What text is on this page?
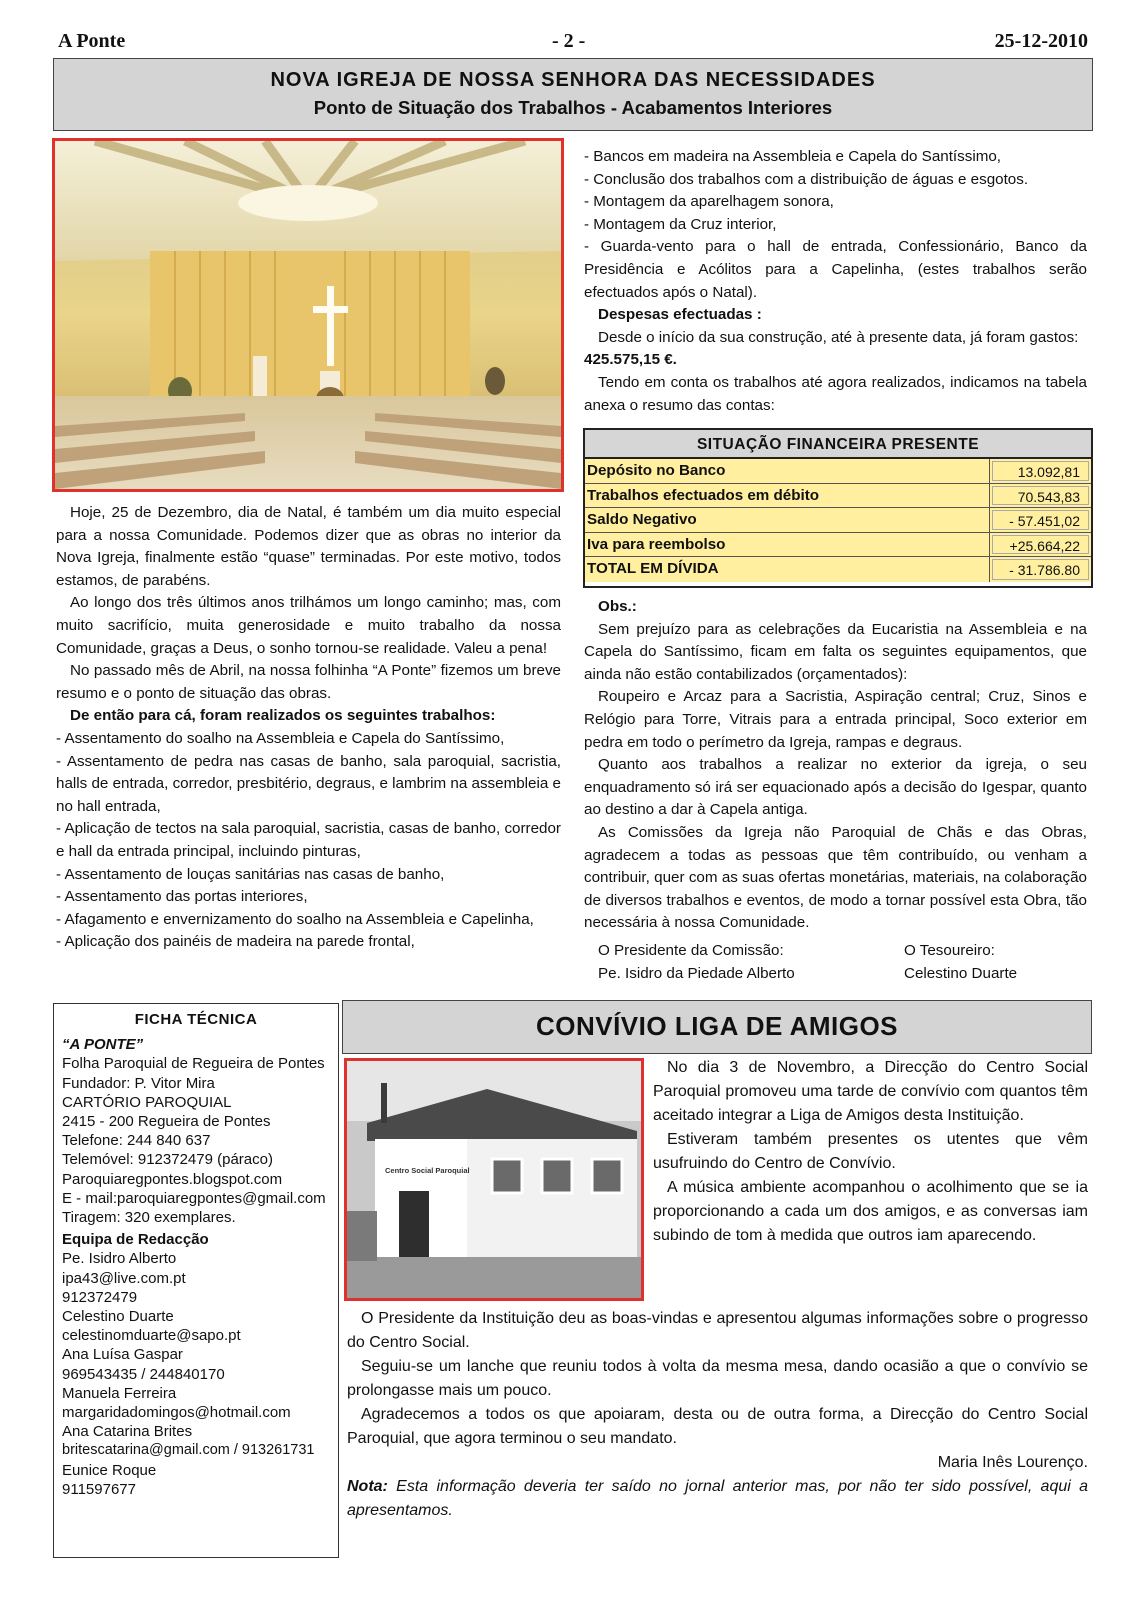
A Ponte	- 2 -	25-12-2010
NOVA IGREJA DE NOSSA SENHORA DAS NECESSIDADES
Ponto de Situação dos Trabalhos - Acabamentos Interiores

Hoje, 25 de Dezembro, dia de Natal, é também um dia muito especial para a nossa Comunidade. Podemos dizer que as obras no interior da Nova Igreja, finalmente estão “quase” terminadas. Por este motivo, todos estamos, de parabéns.

Ao longo dos três últimos anos trilhámos um longo caminho; mas, com muito sacrifício, muita generosidade e muito trabalho da nossa Comunidade, graças a Deus, o sonho tornou-se realidade. Valeu a pena!

No passado mês de Abril, na nossa folhinha “A Ponte” fizemos um breve resumo e o ponto de situação das obras.

De então para cá, foram realizados os seguintes trabalhos:

- Assentamento do soalho na Assembleia e Capela do Santíssimo,

- Assentamento de pedra nas casas de banho, sala paroquial, sacristia, halls de entrada, corredor, presbitério, degraus, e lambrim na assembleia e no hall entrada,

- Aplicação de tectos na sala paroquial, sacristia, casas de banho, corredor e hall da entrada principal, incluindo pinturas,

- Assentamento de louças sanitárias nas casas de banho,

- Assentamento das portas interiores,

- Afagamento e envernizamento do soalho na Assembleia e Capelinha,

- Aplicação dos painéis de madeira na parede frontal,

- Bancos em madeira na Assembleia e Capela do Santíssimo,

- Conclusão dos trabalhos com a distribuição de águas e esgotos.

- Montagem da aparelhagem sonora,

- Montagem da Cruz interior,

- Guarda-vento para o hall de entrada, Confessionário, Banco da Presidência e Acólitos para a Capelinha, (estes trabalhos serão efectuados após o Natal).

Despesas efectuadas :

Desde o início da sua construção, até à presente data, já foram gastos:

425.575,15 €.

Tendo em conta os trabalhos até agora realizados, indicamos na tabela anexa o resumo das contas:

SITUAÇÃO FINANCEIRA PRESENTE
Depósito no Banco	13.092,81
Trabalhos efectuados em débito	70.543,83
Saldo Negativo	- 57.451,02
Iva para reembolso	+25.664,22
TOTAL EM DÍVIDA	- 31.786.80

Obs.:

Sem prejuízo para as celebrações da Eucaristia na Assembleia e na Capela do Santíssimo, ficam em falta os seguintes equipamentos, que ainda não estão contabilizados (orçamentados):

Roupeiro e Arcaz para a Sacristia, Aspiração central; Cruz, Sinos e Relógio para Torre, Vitrais para a entrada principal, Soco exterior em pedra em todo o perímetro da Igreja, rampas e degraus.

Quanto aos trabalhos a realizar no exterior da igreja, o seu enquadramento só irá ser equacionado após a decisão do Igespar, quanto ao destino a dar à Capela antiga.

As Comissões da Igreja não Paroquial de Chãs e das Obras, agradecem a todas as pessoas que têm contribuído, ou venham a contribuir, quer com as suas ofertas monetárias, materiais, na colaboração de diversos trabalhos e eventos, de modo a tornar possível esta Obra, tão necessária à nossa Comunidade.

O Presidente da Comissão:
Pe. Isidro da Piedade Alberto
O Tesoureiro:
Celestino Duarte
FICHA TÉCNICA

“A PONTE”

Folha Paroquial de Regueira de Pontes

Fundador: P. Vitor Mira

CARTÓRIO PAROQUIAL

2415 - 200 Regueira de Pontes

Telefone: 244 840 637

Telemóvel: 912372479 (páraco)

Paroquiaregpontes.blogspot.com

E - mail:paroquiaregpontes@gmail.com

Tiragem: 320 exemplares.

Equipa de Redacção

Pe. Isidro Alberto

ipa43@live.com.pt

912372479

Celestino Duarte

celestinomduarte@sapo.pt

Ana Luísa Gaspar

969543435 / 244840170

Manuela Ferreira

margaridadomingos@hotmail.com

Ana Catarina Brites

britescatarina@gmail.com / 913261731

Eunice Roque

911597677

CONVÍVIO LIGA DE AMIGOS
Centro Social Paroquial

No dia 3 de Novembro, a Direcção do Centro Social Paroquial promoveu uma tarde de convívio com quantos têm aceitado integrar a Liga de Amigos desta Instituição.

Estiveram também presentes os utentes que vêm usufruindo do Centro de Convívio.

A música ambiente acompanhou o acolhimento que se ia proporcionando a cada um dos amigos, e as conversas iam subindo de tom à medida que outros iam aparecendo.

O Presidente da Instituição deu as boas-vindas e apresentou algumas informações sobre o progresso do Centro Social.

Seguiu-se um lanche que reuniu todos à volta da mesma mesa, dando ocasião a que o convívio se prolongasse mais um pouco.

Agradecemos a todos os que apoiaram, desta ou de outra forma, a Direcção do Centro Social Paroquial, que agora terminou o seu mandato.

Maria Inês Lourenço.

Nota: Esta informação deveria ter saído no jornal anterior mas, por não ter sido possível, aqui a apresentamos.
